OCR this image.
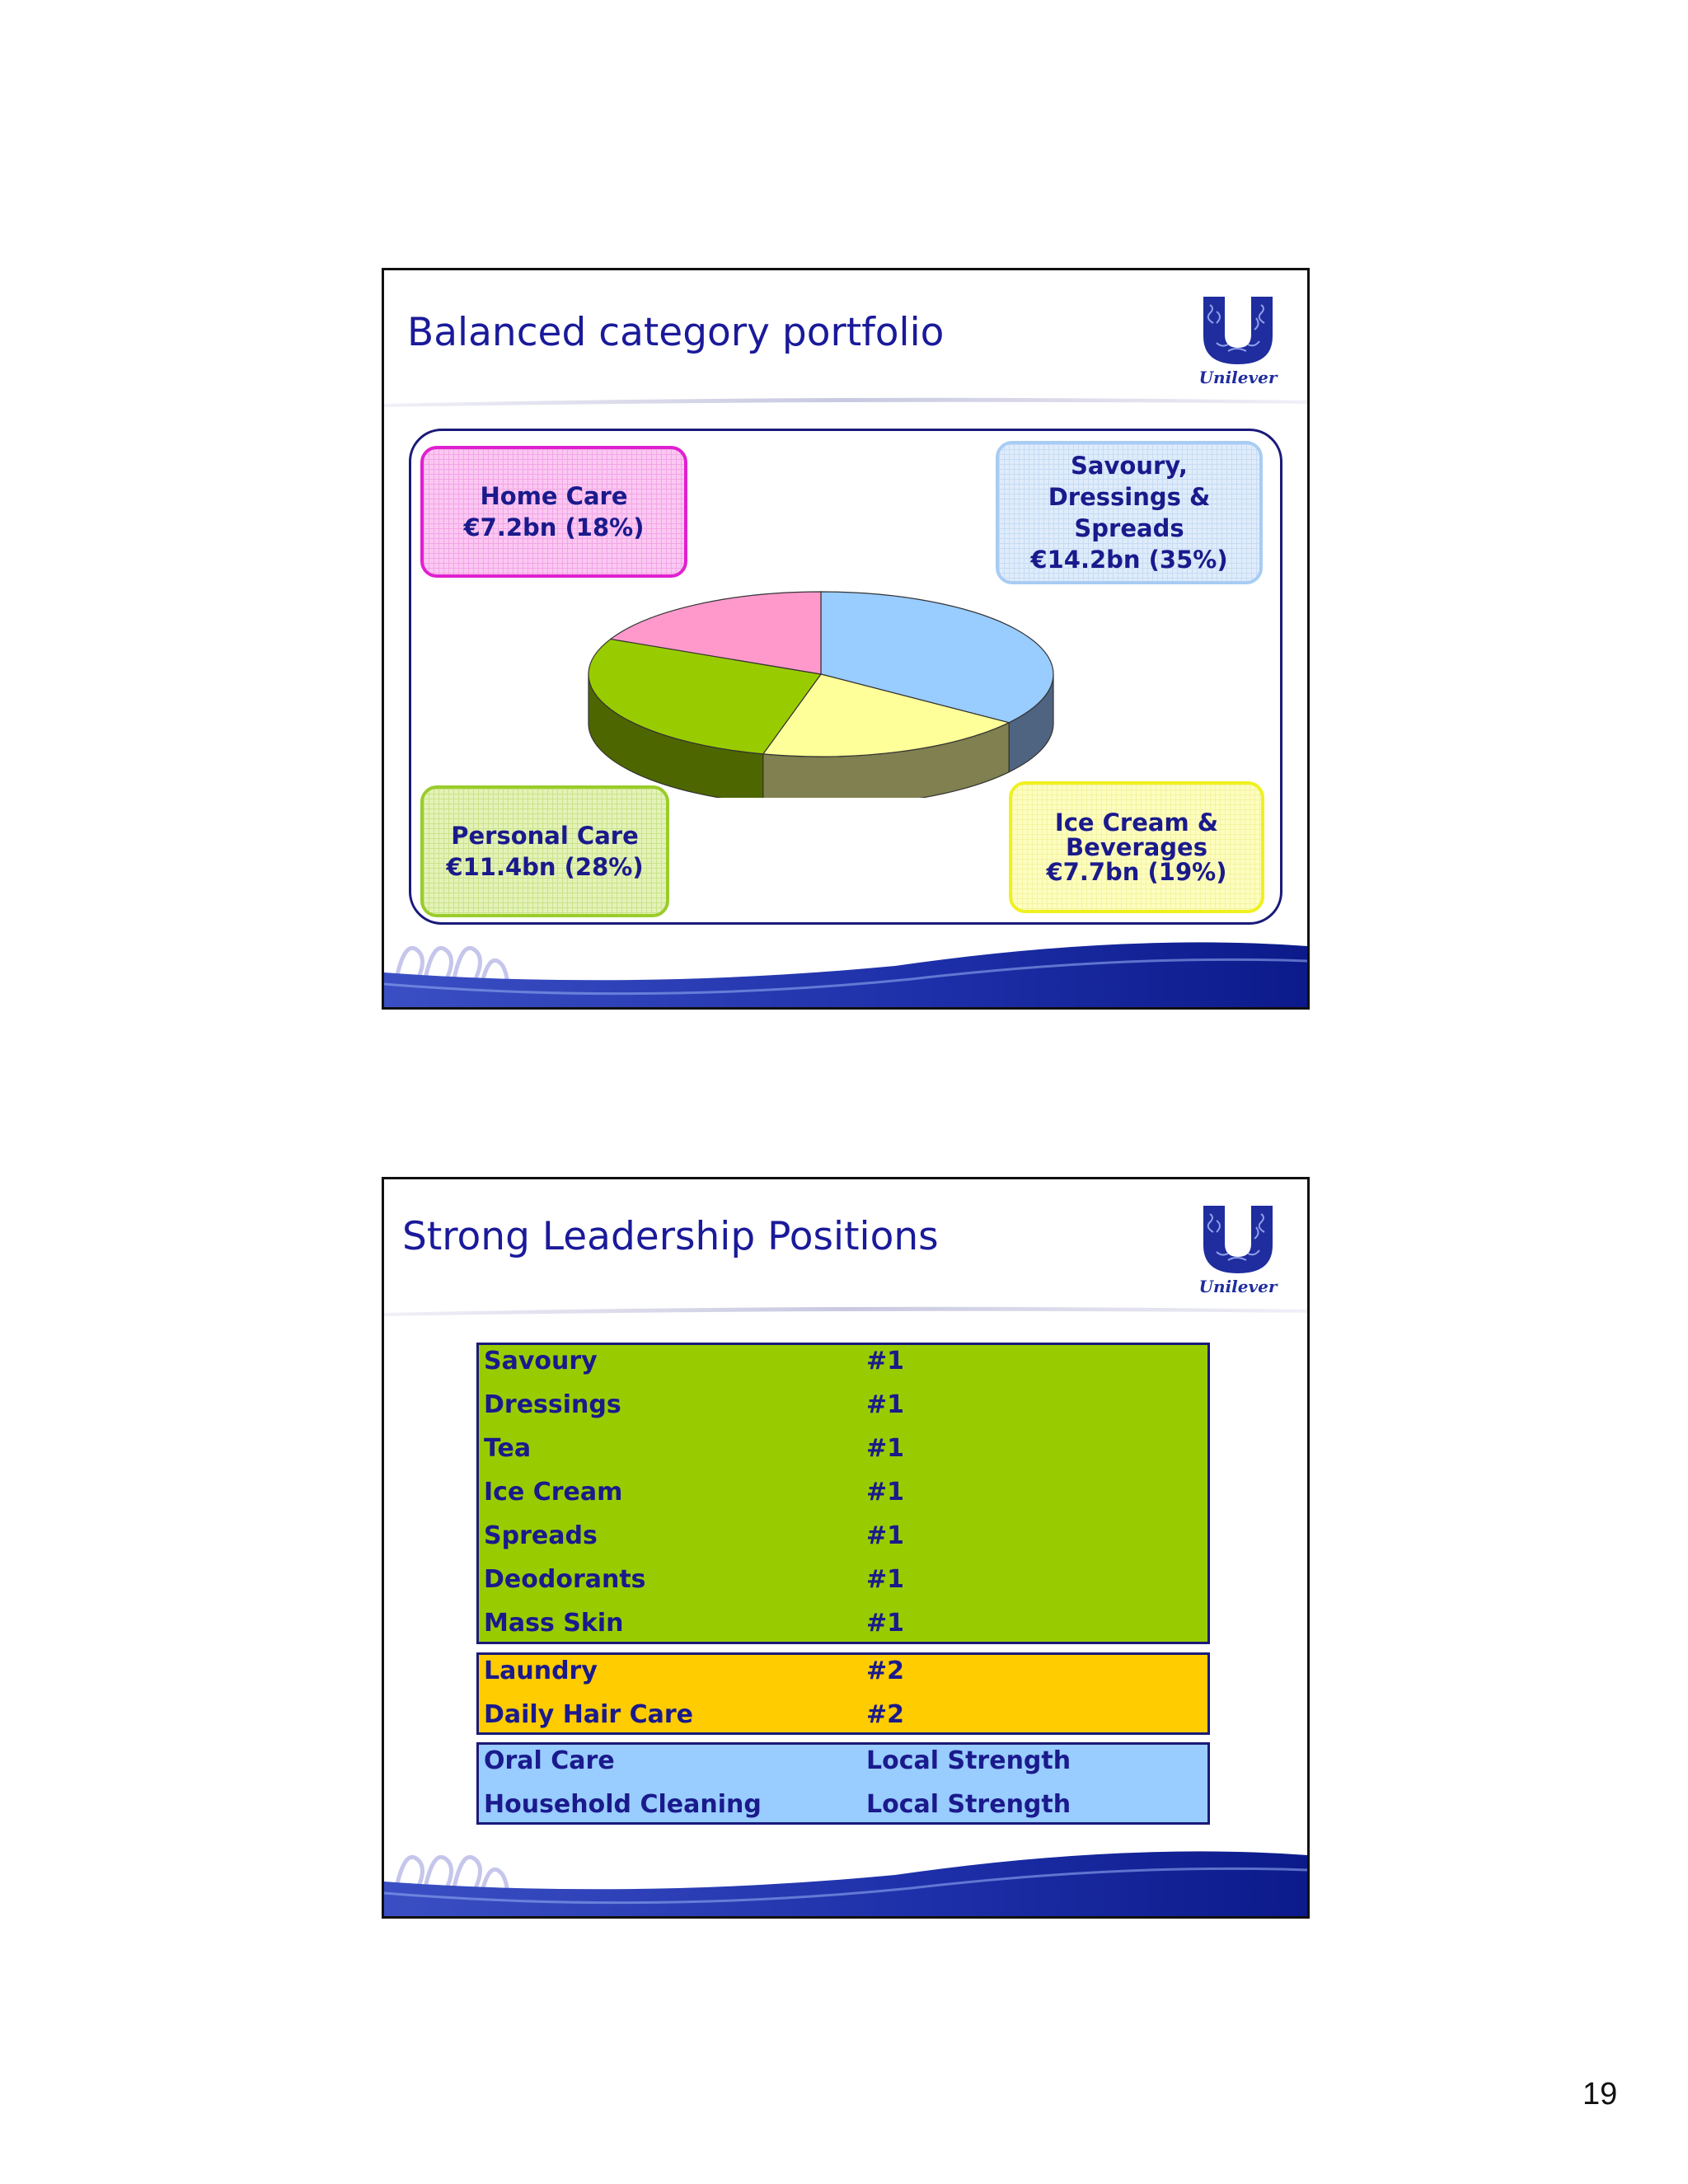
Balanced category portfolio
Unilever
Home Care
€7.2bn (18%)
Savoury,
Dressings &
Spreads
€14.2bn (35%)
Personal Care
€11.4bn (28%)
Ice Cream &
Beverages
€7.7bn (19%)
Strong Leadership Positions
Unilever
Savoury	#1
Dressings	#1
Tea	#1
Ice Cream	#1
Spreads	#1
Deodorants	#1
Mass Skin	#1
Laundry	#2
Daily Hair Care	#2
Oral Care	Local Strength
Household Cleaning	Local Strength
19
